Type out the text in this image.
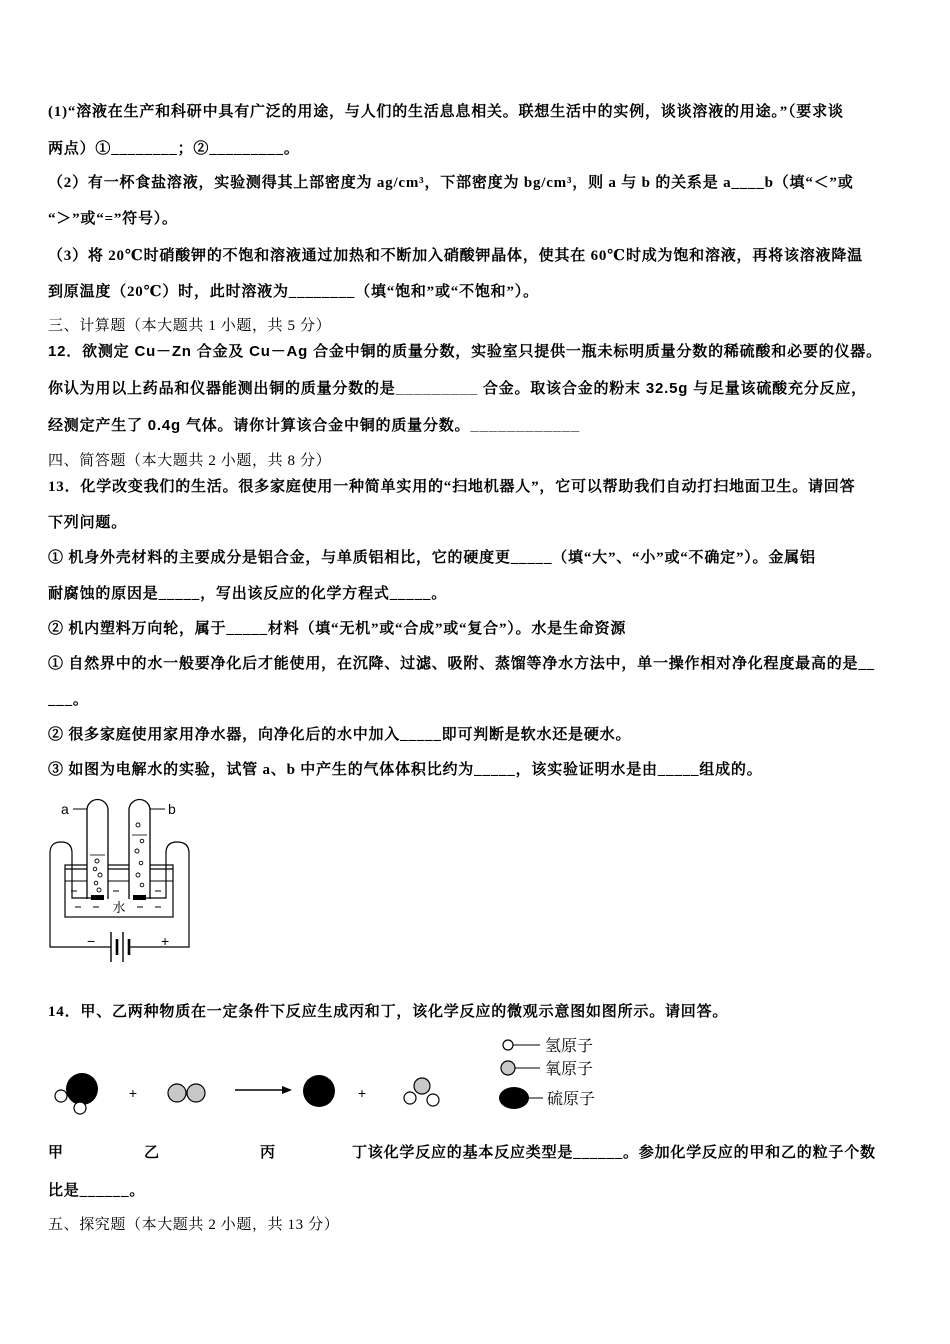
(1)“溶液在生产和科研中具有广泛的用途，与人们的生活息息相关。联想生活中的实例，谈谈溶液的用途。”（要求谈
两点）①________；②_________。
（2）有一杯食盐溶液，实验测得其上部密度为 ag/cm³，下部密度为 bg/cm³，则 a 与 b 的关系是 a____b（填“＜”或
“＞”或“=”符号）。
（3）将 20℃时硝酸钾的不饱和溶液通过加热和不断加入硝酸钾晶体，使其在 60℃时成为饱和溶液，再将该溶液降温
到原温度（20℃）时，此时溶液为________（填“饱和”或“不饱和”）。
三、计算题（本大题共 1 小题，共 5 分）
12．欲测定 Cu－Zn 合金及 Cu－Ag 合金中铜的质量分数，实验室只提供一瓶未标明质量分数的稀硫酸和必要的仪器。
你认为用以上药品和仪器能测出铜的质量分数的是_________ 合金。取该合金的粉末 32.5g 与足量该硫酸充分反应，
经测定产生了 0.4g 气体。请你计算该合金中铜的质量分数。____________
四、简答题（本大题共 2 小题，共 8 分）
13．化学改变我们的生活。很多家庭使用一种简单实用的“扫地机器人”，它可以帮助我们自动打扫地面卫生。请回答
下列问题。
① 机身外壳材料的主要成分是铝合金，与单质铝相比，它的硬度更_____（填“大”、“小”或“不确定”）。金属铝
耐腐蚀的原因是_____，写出该反应的化学方程式_____。
② 机内塑料万向轮，属于_____材料（填“无机”或“合成”或“复合”）。水是生命资源
① 自然界中的水一般要净化后才能使用，在沉降、过滤、吸附、蒸馏等净水方法中，单一操作相对净化程度最高的是__
___。
② 很多家庭使用家用净水器，向净化后的水中加入_____即可判断是软水还是硬水。
③ 如图为电解水的实验，试管 a、b 中产生的气体体积比约为_____，该实验证明水是由_____组成的。
水
a	b
−	+
14．甲、乙两种物质在一定条件下反应生成丙和丁，该化学反应的微观示意图如图所示。请回答。
+	+
氢原子
氧原子
硫原子
甲	乙	丙	丁该化学反应的基本反应类型是______。参加化学反应的甲和乙的粒子个数
比是______。
五、探究题（本大题共 2 小题，共 13 分）
